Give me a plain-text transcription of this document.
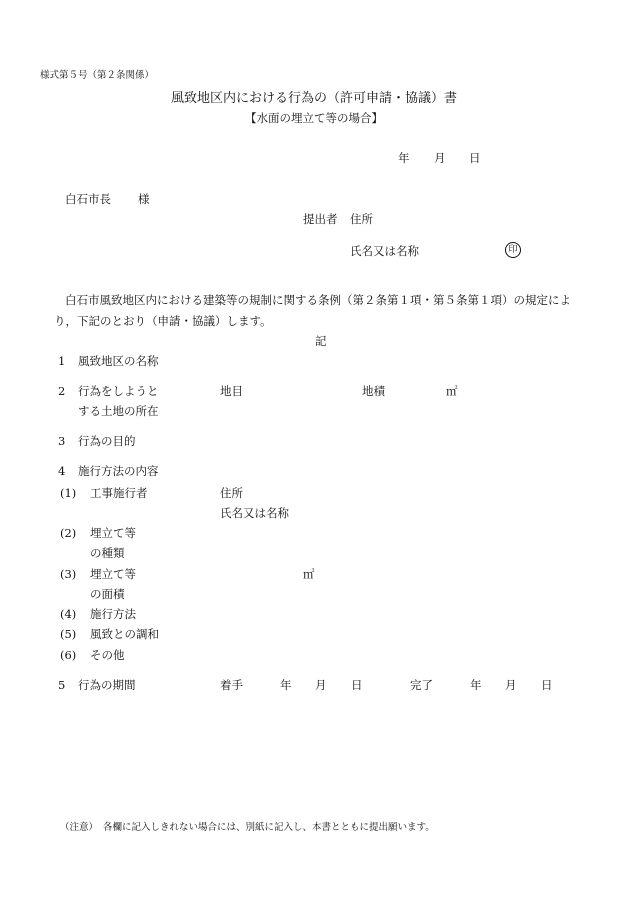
様式第５号（第２条関係）
風致地区内における行為の（許可申請・協議）書
【水面の埋立て等の場合】
年 月 日
白石市長 様
提出者 住所
氏名又は名称	印
白石市風致地区内における建築等の規制に関する条例（第２条第１項・第５条第１項）の規定によ
り，下記のとおり（申請・協議）します。
記
1 風致地区の名称
2 行為をしようと
する土地の所在
地目	地積	㎡
3 行為の目的
4 施行方法の内容
(1) 工事施行者	住所
氏名又は名称
(2) 埋立て等
の種類
(3) 埋立て等	㎡
の面積
(4) 施行方法
(5) 風致との調和
(6) その他
5 行為の期間	着手	年 月 日	完了	年 月 日
（注意） 各欄に記入しきれない場合には、別紙に記入し、本書とともに提出願います。
